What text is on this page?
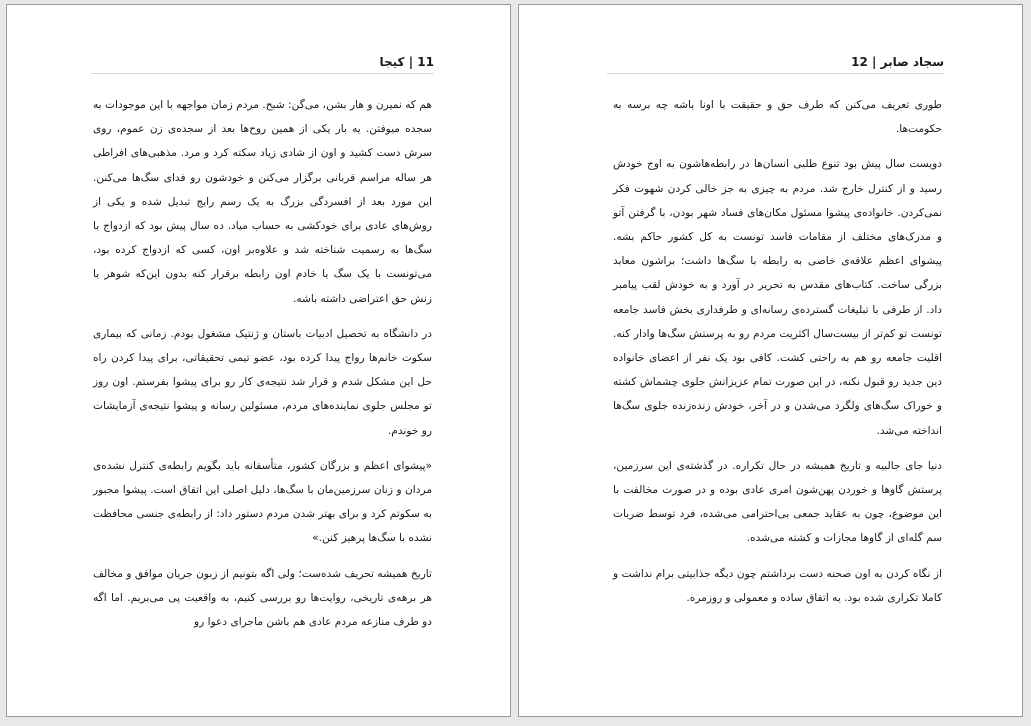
11 | کیجا

هم که نمیرن و هار بشن، می‌گن: شبح. مردم زمان مواجهه با این موجودات به سجده میوفتن. یه بار یکی از همین روح‌ها بعد از سجده‌ی زن عموم، روی سرش دست کشید و اون از شادی زیاد سکته کرد و مرد. مذهبی‌های افراطی هر ساله مراسم قربانی برگزار می‌کنن و خودشون رو فدای سگ‌ها می‌کنن. این مورد بعد از افسردگی بزرگ به یک رسم رایج تبدیل شده و یکی از روش‌های عادی برای خودکشی به حساب میاد. ده سال پیش بود که ازدواج با سگ‌ها به رسمیت شناخته شد و علاوه‌بر اون، کسی که ازدواج کرده بود، می‌تونست با یک سگ یا خادم اون رابطه برقرار کنه بدون این‌که شوهر یا زنش حق اعتراضی داشته باشه.

در دانشگاه به تحصیل ادبیات باستان و ژنتیک مشغول بودم. زمانی که بیماری سکوت خانم‌ها رواج پیدا کرده بود، عضو تیمی تحقیقاتی، برای پیدا کردن راه حل این مشکل شدم و قرار شد نتیجه‌ی کار رو برای پیشوا بفرستم. اون روز تو مجلس جلوی نماینده‌های مردم، مسئولین رسانه و پیشوا نتیجه‌ی آزمایشات رو خوندم.

«پیشوای اعظم و بزرگان کشور، متأسفانه باید بگویم رابطه‌ی کنترل نشده‌ی مردان و زنان سرزمین‌مان با سگ‌ها، دلیل اصلی این اتفاق است. پیشوا مجبور به سکوتم کرد و برای بهتر شدن مردم دستور داد: از رابطه‌ی جنسی محافظت نشده با سگ‌ها پرهیز کنن.»

تاریخ همیشه تحریف شده‌ست؛ ولی اگه بتونیم از زبون جریان موافق و مخالف هر برهه‌ی تاریخی، روایت‌ها رو بررسی کنیم، به واقعیت پی می‌بریم. اما اگه دو طرف منازعه مردم عادی هم باشن ماجرای دعوا رو

سجاد صابر | 12

طوری تعریف می‌کنن که طرف حق و حقیقت با اونا باشه چه برسه به حکومت‌ها.

دویست سال پیش بود تنوع طلبی انسان‌ها در رابطه‌هاشون به اوج خودش رسید و از کنترل خارج شد. مردم به چیزی به جز خالی کردن شهوت فکر نمی‌کردن. خانواده‌ی پیشوا مسئول مکان‌های فساد شهر بودن، با گرفتن آتو و مدرک‌های مختلف از مقامات فاسد تونست به کل کشور حاکم بشه. پیشوای اعظم علاقه‌ی خاصی به رابطه با سگ‌ها داشت؛ براشون معابد بزرگی ساخت. کتاب‌های مقدس به تحریر در آورد و به خودش لقب پیامبر داد. از طرفی با تبلیغات گسترده‌ی رسانه‌ای و طرفداری بخش فاسد جامعه تونست تو کم‌تر از بیست‌سال اکثریت مردم رو به پرستش سگ‌ها وادار کنه. اقلیت جامعه رو هم به راحتی کشت. کافی بود یک نفر از اعضای خانواده دین جدید رو قبول نکنه، در این صورت تمام عزیزانش جلوی چشماش کشته و خوراک سگ‌های ولگرد می‌شدن و در آخر، خودش زنده‌زنده جلوی سگ‌ها انداخته می‌شد.

دنیا جای جالبیه و تاریخ همیشه در حال تکراره. در گذشته‌ی این سرزمین، پرستش گاوها و خوردن پهن‌شون امری عادی بوده و در صورت مخالفت با این موضوع، چون به عقاید جمعی بی‌احترامی می‌شده، فرد توسط ضربات سم گله‌ای از گاوها مجازات و کشته می‌شده.

از نگاه کردن به اون صحنه دست برداشتم چون دیگه جذابیتی برام نداشت و کاملا تکراری شده بود. یه اتفاق ساده و معمولی و روزمره.
